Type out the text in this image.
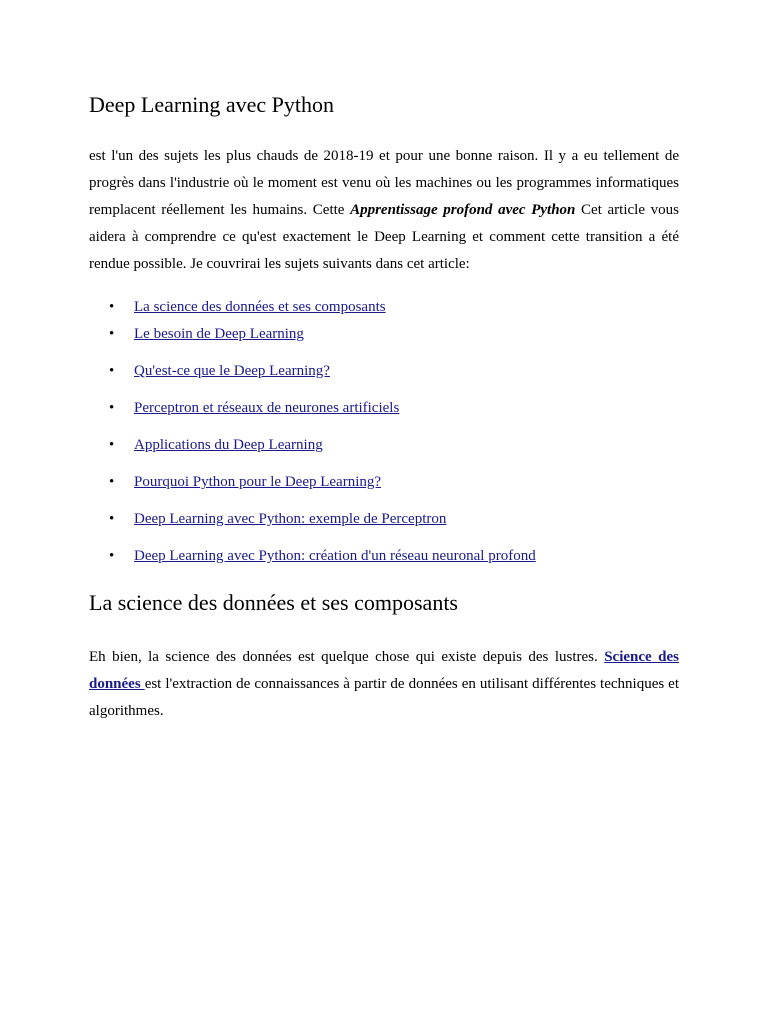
Deep Learning avec Python

est l'un des sujets les plus chauds de 2018-19 et pour une bonne raison. Il y a eu tellement de progrès dans l'industrie où le moment est venu où les machines ou les programmes informatiques remplacent réellement les humains. Cette Apprentissage profond avec Python Cet article vous aidera à comprendre ce qu'est exactement le Deep Learning et comment cette transition a été rendue possible. Je couvrirai les sujets suivants dans cet article:

• La science des données et ses composants
• Le besoin de Deep Learning
• Qu'est-ce que le Deep Learning?
• Perceptron et réseaux de neurones artificiels
• Applications du Deep Learning
• Pourquoi Python pour le Deep Learning?
• Deep Learning avec Python: exemple de Perceptron
• Deep Learning avec Python: création d'un réseau neuronal profond
La science des données et ses composants

Eh bien, la science des données est quelque chose qui existe depuis des lustres. Science des données est l'extraction de connaissances à partir de données en utilisant différentes techniques et algorithmes.
